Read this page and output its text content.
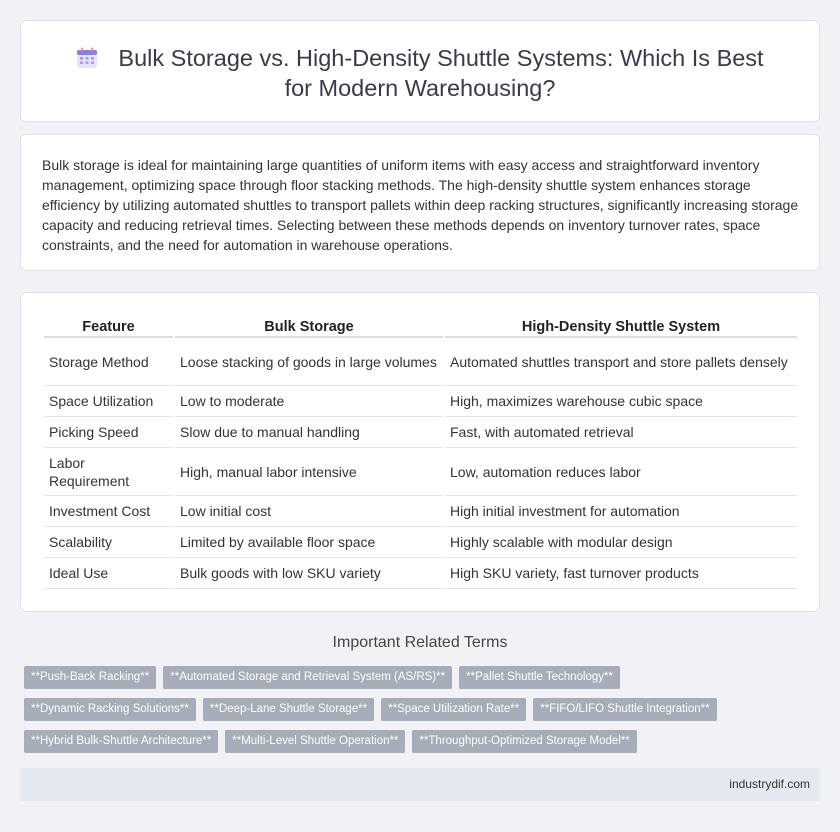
Bulk Storage vs. High-Density Shuttle Systems: Which Is Best for Modern Warehousing?

Bulk storage is ideal for maintaining large quantities of uniform items with easy access and straightforward inventory management, optimizing space through floor stacking methods. The high-density shuttle system enhances storage efficiency by utilizing automated shuttles to transport pallets within deep racking structures, significantly increasing storage capacity and reducing retrieval times. Selecting between these methods depends on inventory turnover rates, space constraints, and the need for automation in warehouse operations.

Feature	Bulk Storage	High-Density Shuttle System
Storage Method	Loose stacking of goods in large volumes	Automated shuttles transport and store pallets densely
Space Utilization	Low to moderate	High, maximizes warehouse cubic space
Picking Speed	Slow due to manual handling	Fast, with automated retrieval
Labor Requirement	High, manual labor intensive	Low, automation reduces labor
Investment Cost	Low initial cost	High initial investment for automation
Scalability	Limited by available floor space	Highly scalable with modular design
Ideal Use	Bulk goods with low SKU variety	High SKU variety, fast turnover products
Important Related Terms
**Push-Back Racking**	**Automated Storage and Retrieval System (AS/RS)**	**Pallet Shuttle Technology**
**Dynamic Racking Solutions**	**Deep-Lane Shuttle Storage**	**Space Utilization Rate**	**FIFO/LIFO Shuttle Integration**
**Hybrid Bulk-Shuttle Architecture**	**Multi-Level Shuttle Operation**	**Throughput-Optimized Storage Model**
industrydif.com
